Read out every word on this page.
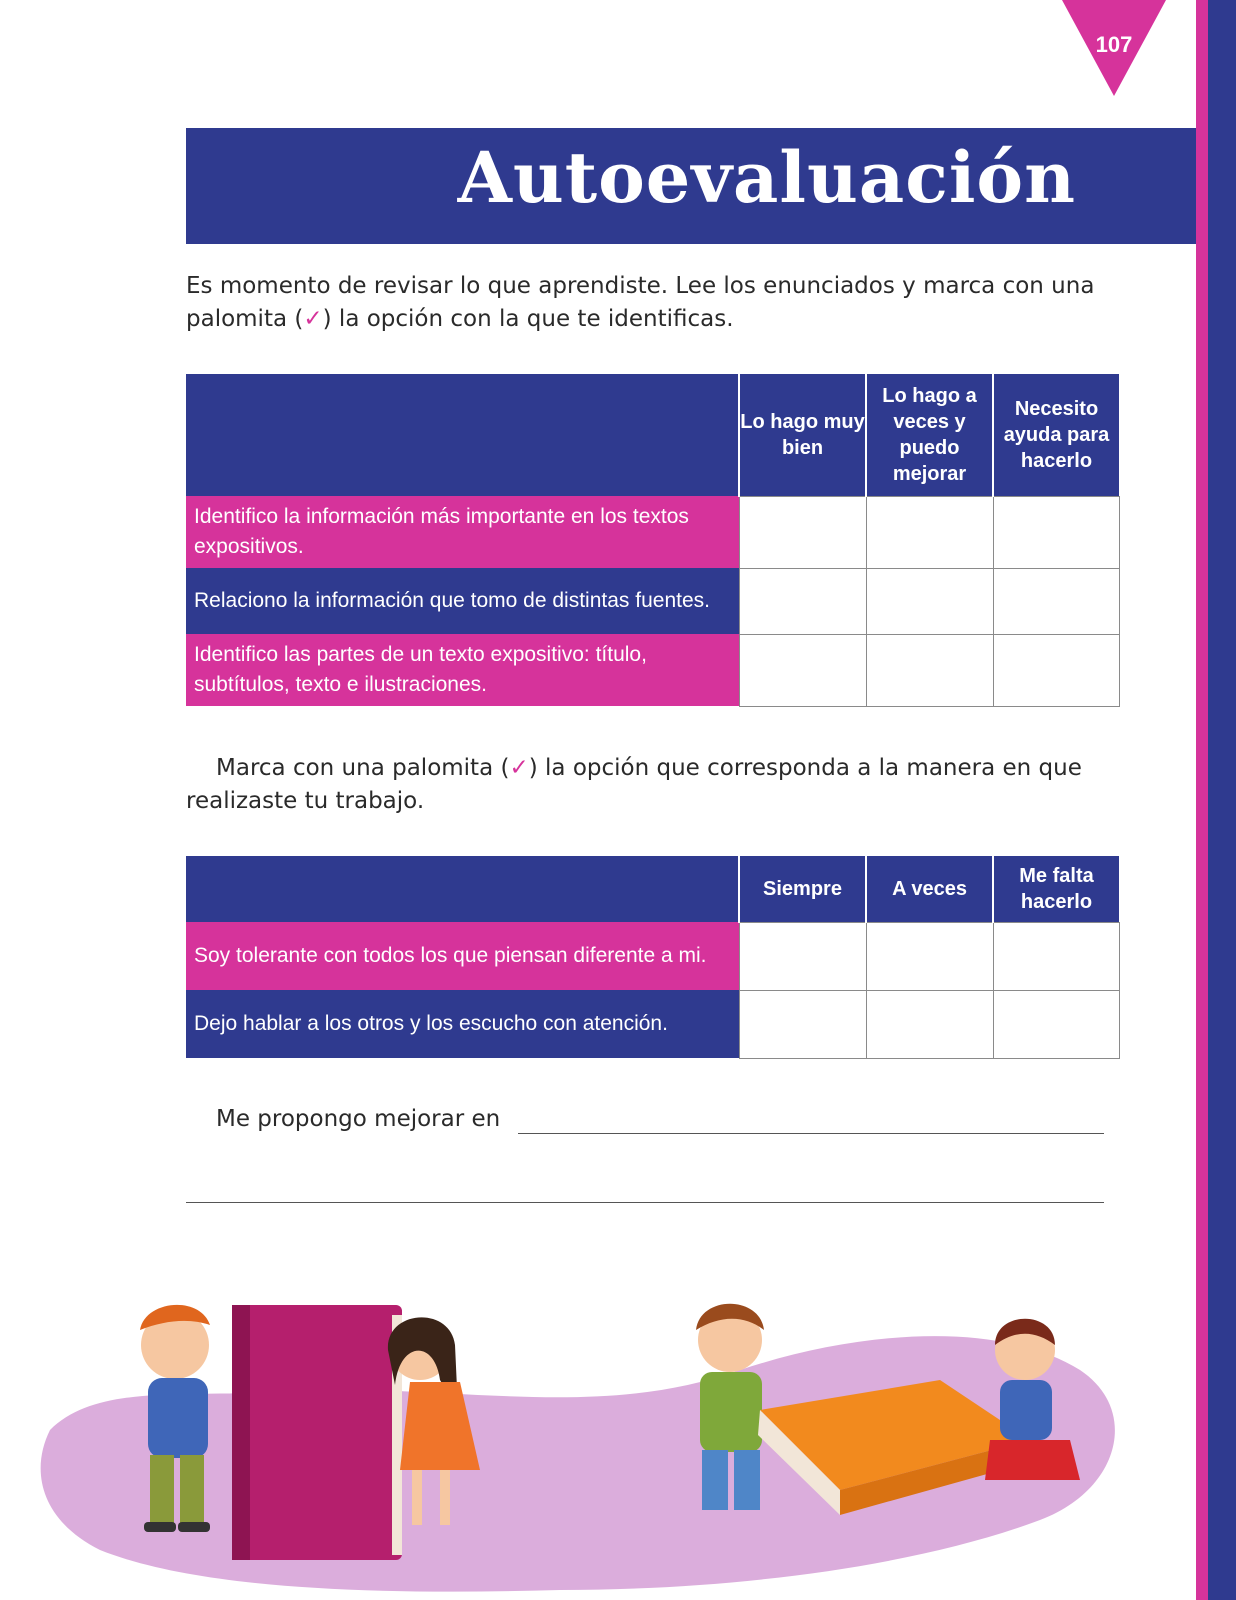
107
Autoevaluación
Es momento de revisar lo que aprendiste. Lee los enunciados y marca con una palomita (✓) la opción con la que te identificas.
	Lo hago muy bien	Lo hago a veces y puedo mejorar	Necesito ayuda para hacerlo
Identifico la información más importante en los textos expositivos.			
Relaciono la información que tomo de distintas fuentes.			
Identifico las partes de un texto expositivo: título, subtítulos, texto e ilustraciones.			
Marca con una palomita (✓) la opción que corresponda a la manera en que realizaste tu trabajo.
	Siempre	A veces	Me falta hacerlo
Soy tolerante con todos los que piensan diferente a mi.			
Dejo hablar a los otros y los escucho con atención.			
Me propongo mejorar en
